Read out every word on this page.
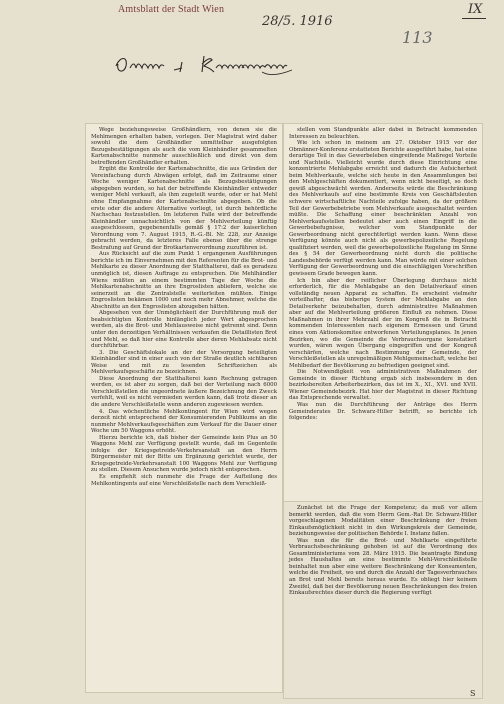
Amtsblatt der Stadt Wien
28/5. 1916
IX
113

Wege beziehungsweise Großhändlern, von denen sie die Mehlmengen erhalten haben, vorlegen. Der Magistrat wird daher sowohl die dem Großhändler unmittelbar ausgefolgten Bezugsbestätigungen als auch die vom Kleinhändler gesammelten Kartenabschnitte nunmehr ausschließlich und direkt von dem betreffenden Großhändler erhalten.

Ergibt die Kontrolle der Kartenabschnitte, die aus Gründen der Vereinfachung durch Abwägen erfolgt, daß im Zeitraume einer Woche weniger Kartenabschnitte als Bezugsbestätigungen abgegeben wurden, so hat der betreffende Kleinhändler entweder weniger Mehl verkauft, als ihm zugeteilt wurde, oder er hat Mehl ohne Empfangnahme der Kartenabschnitte abgegeben. Ob die erste oder die andere Alternative vorliegt, ist durch behördliche Nachschau festzustellen. Im letzteren Falle wird der betreffende Kleinhändler unnachsichtlich von der Mehlverteilung künftig ausgeschlossen, gegebenenfalls gemäß § 17:2 der kaiserlichen Verordnung vom 7. August 1915, R.-G.-Bl. Nr. 228, zur Anzeige gebracht werden, da letzteres Falle ebenso über die strenge Bestrafung auf Grund der Brotkartenverordnung zuzuführen ist.

Aus Rücksicht auf die zum Punkt 1 ergangenen Ausführungen berichte ich im Einvernehmen mit den Referenten für die Brot- und Mehlkarte zu dieser Anordnung der Statthalterei, daß es geradezu unmöglich ist, diesen Auftrage zu entsprechen. Die Mehlhändler Wiens müßten an einem bestimmten Tage der Woche die Mehlkartenabschnitte an ihre Engroslisten abliefern, welche sie seinerzeit an die Zentralstelle weiterleiten müßten. Einige Engroslisten bekämen 1000 und noch mehr Abnehmer, welche die Abschnitte an den Engroslisten abzugeben hätten.

Abgesehen von der Unmöglichkeit der Durchführung muß der beabsichtigten Kontrolle hinlänglich jeder Wert abgesprochen werden, als die Brot- und Mehlausweise nicht getrennt sind. Denn unter den derzeitigen Verhältnissen verkaufen die Detaillisten Brot und Mehl, so daß hier eine Kontrolle aber deren Mehlabsatz nicht durchführbar.

3. Die Geschäftslokale an der der Versorgung beteiligten Kleinhändler sind in einer auch von der Straße deutlich sichtbaren Weise und mit zu lesenden Schriftzeichen als Mehlverkaufsgeschäfte zu bezeichnen.

Diese Anordnung der Statthalterei kann Rechnung getragen werden, es ist aber zu sorgen, daß bei der Verteilung nach 6000 Verschleißstellen die ungeordnete äußere Bezeichnung den Zweck verfehlt, weil es nicht vermieden werden kann, daß trotz dieser an die andere Verschleißstelle wenn anderen zugewiesen werden.

4. Das wöchentliche Mehlkontingent für Wien wird wegen derzeit nicht entsprechend der Konsumierenden Publikums an die nunmehr Mehlverkaufsgeschäften zum Verkauf für die Dauer einer Woche um 50 Waggons erhöht.

Hierzu berichte ich, daß bisher der Gemeinde kein Plus an 50 Waggons Mehl zur Verfügung gestellt wurde, daß im Gegenteile infolge der Kriegsgetreide-Verkehrsanstalt an den Herrn Bürgermeister mit der Bitte um Ergänzung gerichtet wurde, der Kriegsgetreide-Verkehrsanstalt 100 Waggons Mehl zur Verfügung zu stellen. Diesem Ansuchen wurde jedoch nicht entsprochen.

Es empfiehlt sich nunmehr die Frage der Aufteilung des Mehlkontingents auf eine Verschleißstelle nach dem Verschleiß-

stellen vom Standpunkte aller dabei in Betracht kommenden Interessen zu beleuchten.

Wie ich schon in meinem am 27. Oktober 1915 vor der Obmänner-Konferenz erstatteten Berichte ausgeführt habe, hat eine derartige Teil in das Gewerbeleben eingreifende Maßregel Vorteile und Nachteile. Vielleicht wurde durch diese Einrichtung eine konzentrierte Mehlabgabe erreicht und dadurch die Aufsicherheit beim Mehlverkaufe, welche sich heute in den Ansammlungen bei den Mehlgeschäften dokumentiert, wenn nicht beseitigt, so doch gewiß abgeschwächt werden. Anderseits würde die Beschränkung des Mehlverkaufs auf eine bestimmte Kreis von Geschäftsleuten schwere wirtschaftliche Nachteile zufolge haben, da der größere Teil der Gewerbebetriebe vom Mehlverkaufe ausgeschaltet werden müßte. Die Schaffung einer beschränkten Anzahl von Mehlverkaufsstellen bedeutet aber auch einen Eingriff in die Gewerbebefugnisse, welcher vom Standpunkte der Gewerbeordnung nicht gerechtfertigt werden kann. Wenn diese Verfügung könnte auch nicht als gewerbepolizeiliche Regelung qualifiziert werden, weil die gewerbepolizeiliche Regelung im Sinne des § 54 der Gewerbeordnung nicht durch die politische Landesbehörde verfügt werden kann. Man würde mit einer solchen Verfügung der Gewerbeordnung und die einschlägigen Vorschriften gewissem Grade bewegen kann.

Ich bin aber der reiflicher Überlegung durchaus nicht erforderlich, für die Mehlabgabe an den Detailverkauf einen vollständig neuen Apparat zu schaffen. Es erscheint vielmehr vorteilhafter, das bisherige System der Mehlabgabe an den Detailverkehr beizubehalten, durch administrative Maßnahmen aber auf die Mehlverteilung größeren Einfluß zu nehmen. Diese Maßnahmen in ihrer Mehrzahl der im Kongreß die in Betracht kommenden Interessenten nach eigenem Ermessen und Grund eines vom Aktionskomitee entworfenen Verteilungsplanes. In jenen Bezirken, wo die Gemeinde die Verbrauchsorgane konstatiert wurden, wären wegen Übergang eingegriffen und der Kongreß verschärfen, welche nach Bestimmung der Gemeinde, der Verschleißstellen als unregelmäßigen Mehlgemeinschaft, welche bei Mehlbedarf der Bevölkerung zu befriedigen geeignet sind.

Die Notwendigkeit von administrativen Maßnahmen der Gemeinde in dieser Richtung ergab sich insbesondere in den bezirksbereiten Arbeiterbezirken, das ist im X., XI., XVI. und XVII. Wiener Gemeindebezirk. Hat hier der Magistrat in dieser Richtung das Entsprechende verwaltet.

Was nun die Durchführung der Anträge des Herrn Gemeinderates Dr. Schwarz-Hiller betrifft, so berichte ich folgendes:

Zunächst ist die Frage der Kompetenz; da muß vor allem bemerkt werden, daß die vom Herrn Gem.-Rat Dr. Schwarz-Hiller vorgeschlagenen Modalitäten einer Beschränkung der freien Einkaufsmöglichkeit nicht in den Wirkungskreis der Gemeinde, beziehungsweise der politischen Behörde I. Instanz fallen.

Was nun die für die Brot- und Mehlkarte eingeführte Verbrauchsbeschränkung gehoben ist auf die Verordnung des Gesamtministeriums vom 28. März 1915. Die beantragte Bindung jedes Haushaltes an eine bestimmte Mehl-Verschleißstelle beinhaltet nun aber eine weitere Beschränkung der Konsumenten, welche die Freiheit, wo und durch die Anzahl der Tagesverbrauches an Brot und Mehl bereits heraus wurde. Es obliegt hier keinem Zweifel, daß bei der Bevölkerung neuen Beschränkungen des freien Einkaufsrechtes dieser durch die Regierung verfügt

S
